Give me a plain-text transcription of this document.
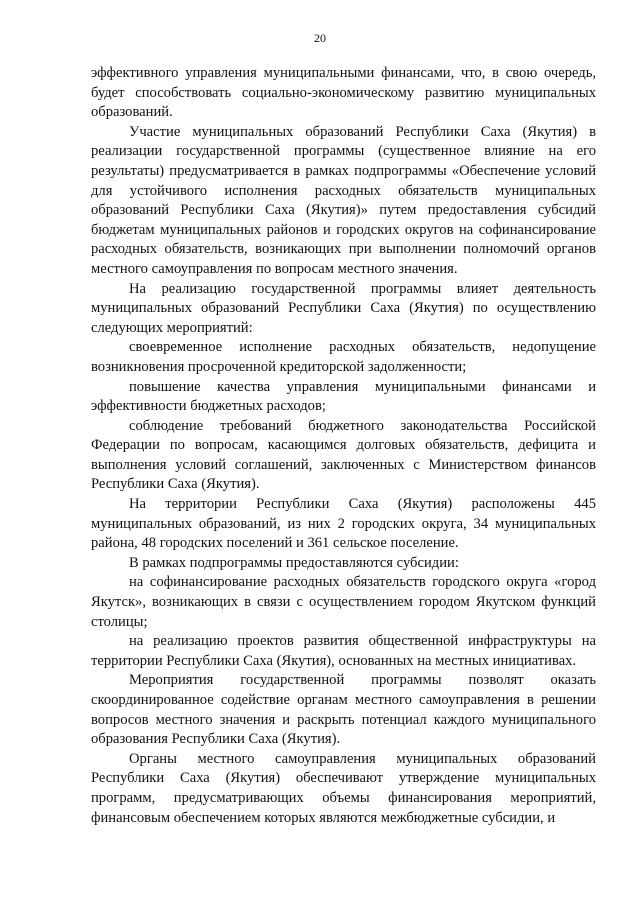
20

эффективного управления муниципальными финансами, что, в свою очередь, будет способствовать социально-экономическому развитию муниципальных образований.

Участие муниципальных образований Республики Саха (Якутия) в реализации государственной программы (существенное влияние на его результаты) предусматривается в рамках подпрограммы «Обеспечение условий для устойчивого исполнения расходных обязательств муниципальных образований Республики Саха (Якутия)» путем предоставления субсидий бюджетам муниципальных районов и городских округов на софинансирование расходных обязательств, возникающих при выполнении полномочий органов местного самоуправления по вопросам местного значения.

На реализацию государственной программы влияет деятельность муниципальных образований Республики Саха (Якутия) по осуществлению следующих мероприятий:

своевременное исполнение расходных обязательств, недопущение возникновения просроченной кредиторской задолженности;

повышение качества управления муниципальными финансами и эффективности бюджетных расходов;

соблюдение требований бюджетного законодательства Российской Федерации по вопросам, касающимся долговых обязательств, дефицита и выполнения условий соглашений, заключенных с Министерством финансов Республики Саха (Якутия).

На территории Республики Саха (Якутия) расположены 445 муниципальных образований, из них 2 городских округа, 34 муниципальных района, 48 городских поселений и 361 сельское поселение.

В рамках подпрограммы предоставляются субсидии:

на софинансирование расходных обязательств городского округа «город Якутск», возникающих в связи с осуществлением городом Якутском функций столицы;

на реализацию проектов развития общественной инфраструктуры на территории Республики Саха (Якутия), основанных на местных инициативах.

Мероприятия государственной программы позволят оказать скоординированное содействие органам местного самоуправления в решении вопросов местного значения и раскрыть потенциал каждого муниципального образования Республики Саха (Якутия).

Органы местного самоуправления муниципальных образований Республики Саха (Якутия) обеспечивают утверждение муниципальных программ, предусматривающих объемы финансирования мероприятий, финансовым обеспечением которых являются межбюджетные субсидии, и
